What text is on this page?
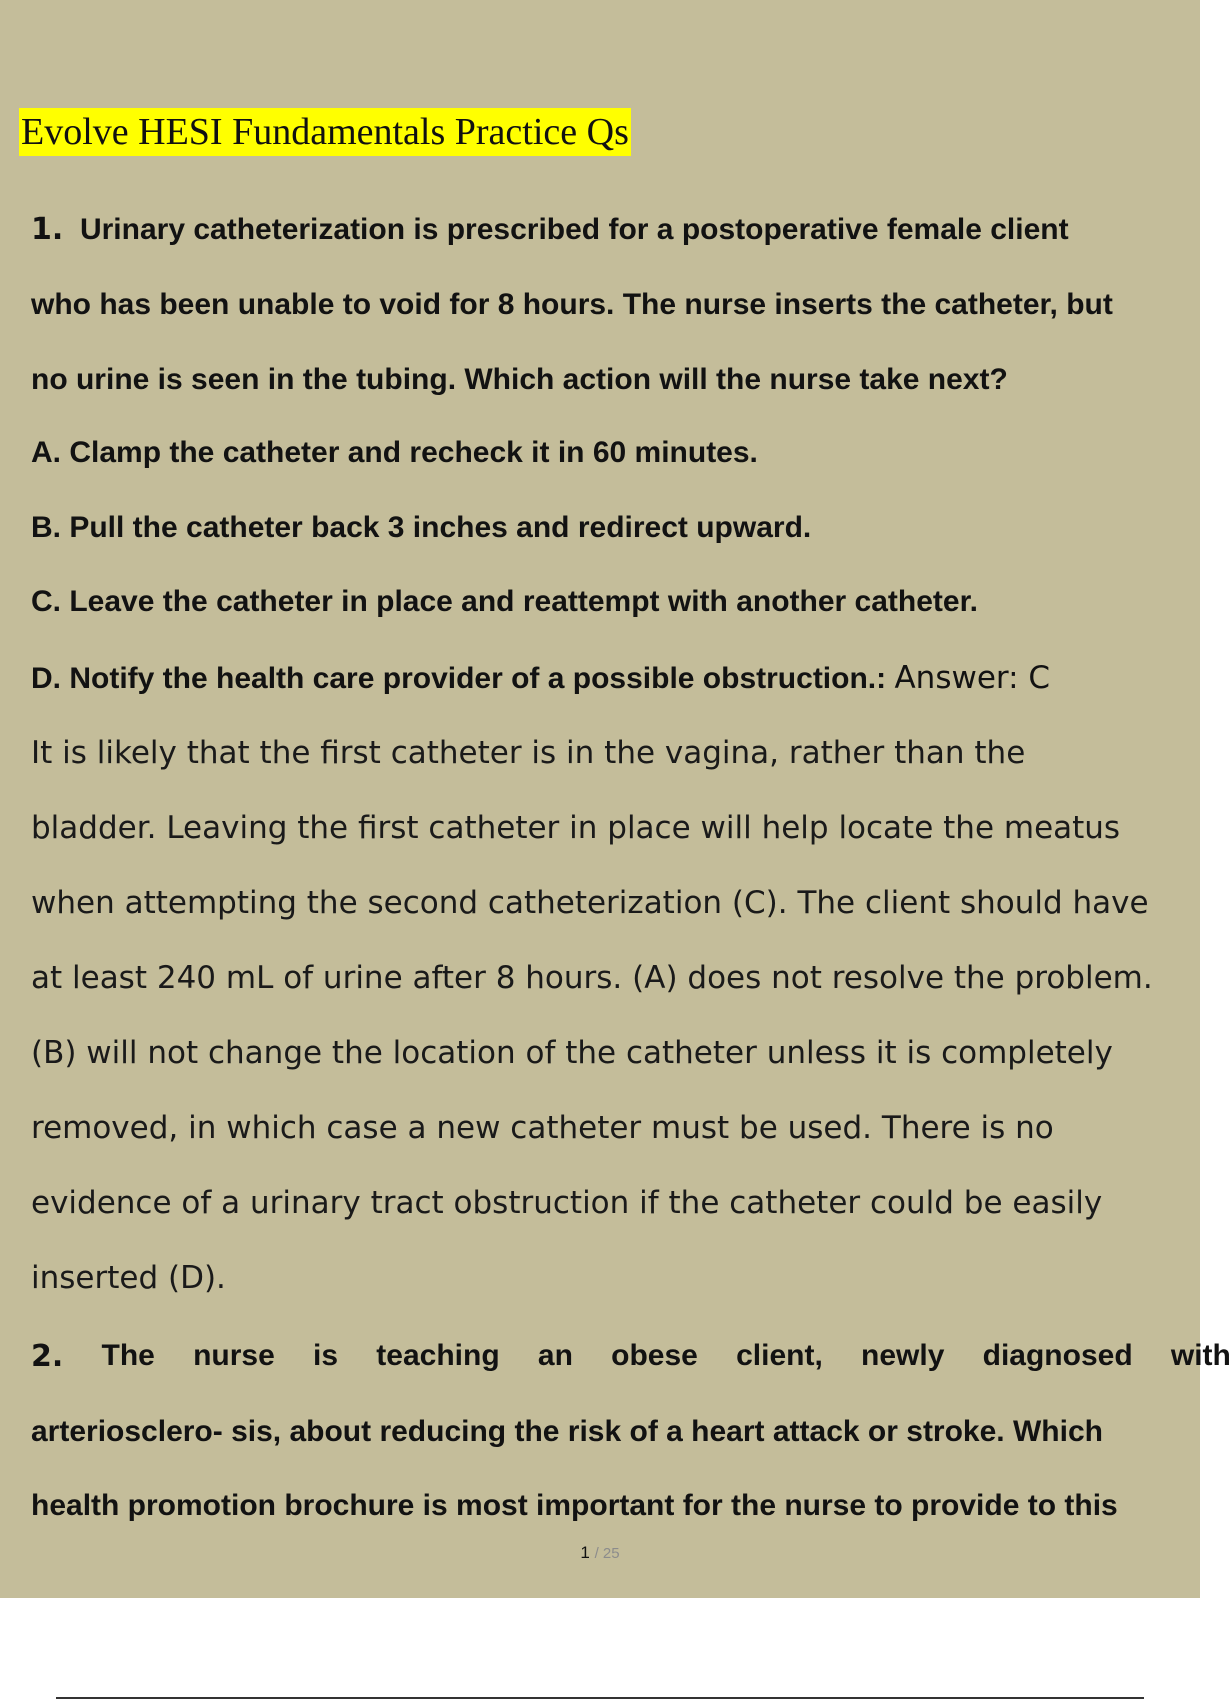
Evolve HESI Fundamentals Practice Qs
1. Urinary catheterization is prescribed for a postoperative female client
who has been unable to void for 8 hours. The nurse inserts the catheter, but
no urine is seen in the tubing. Which action will the nurse take next?
A. Clamp the catheter and recheck it in 60 minutes.
B. Pull the catheter back 3 inches and redirect upward.
C. Leave the catheter in place and reattempt with another catheter.
D. Notify the health care provider of a possible obstruction.: Answer: C
It is likely that the first catheter is in the vagina, rather than the
bladder. Leaving the first catheter in place will help locate the meatus
when attempting the second catheterization (C). The client should have
at least 240 mL of urine after 8 hours. (A) does not resolve the problem.
(B) will not change the location of the catheter unless it is completely
removed, in which case a new catheter must be used. There is no
evidence of a urinary tract obstruction if the catheter could be easily
inserted (D).
2. The nurse is teaching an obese client, newly diagnosed with
arteriosclero- sis, about reducing the risk of a heart attack or stroke. Which
health promotion brochure is most important for the nurse to provide to this
1 / 25
